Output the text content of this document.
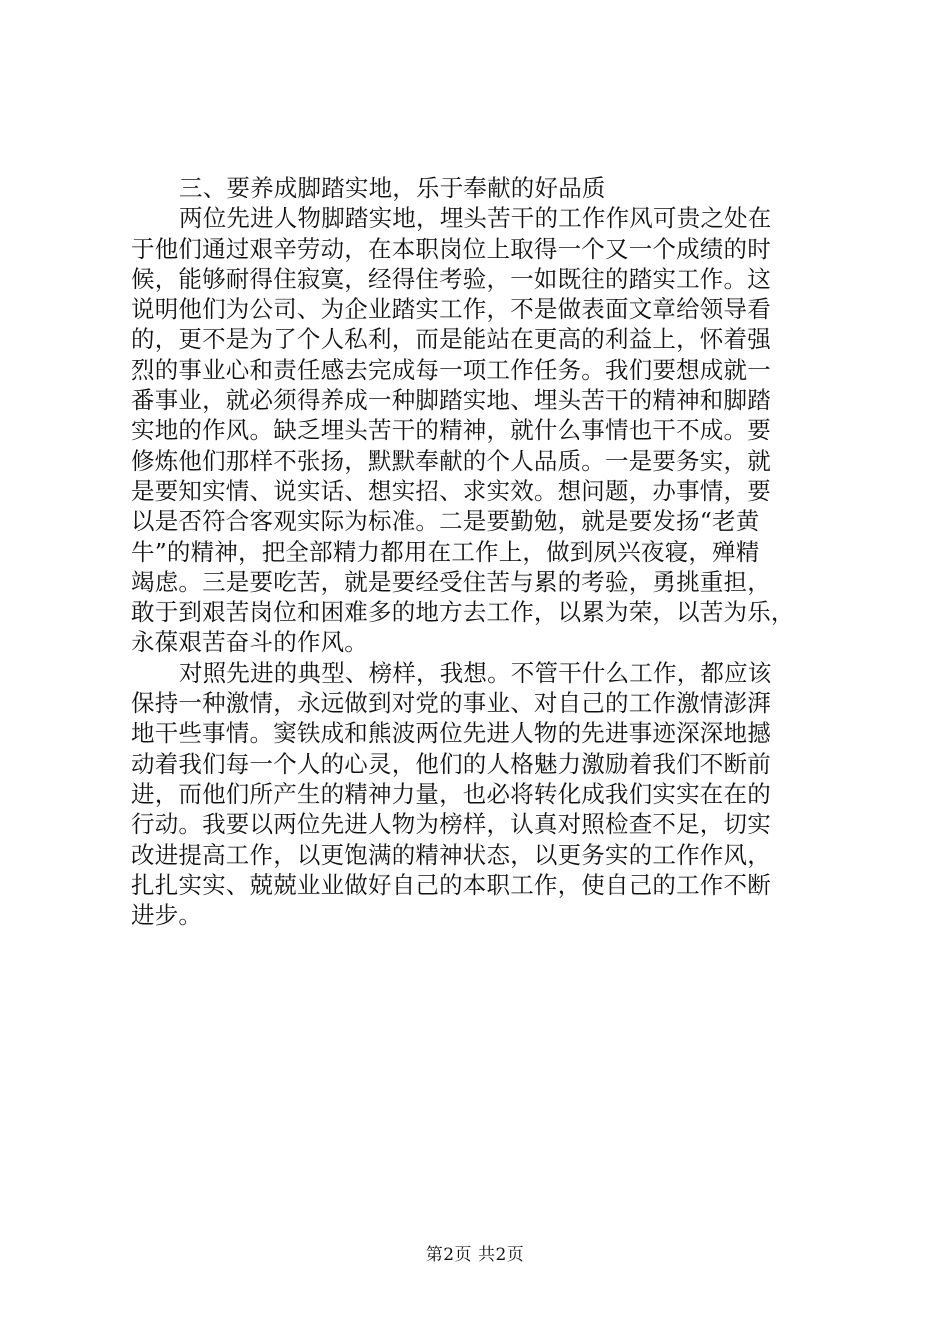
三、要养成脚踏实地，乐于奉献的好品质
两位先进人物脚踏实地，埋头苦干的工作作风可贵之处在
于他们通过艰辛劳动，在本职岗位上取得一个又一个成绩的时
候，能够耐得住寂寞，经得住考验，一如既往的踏实工作。这
说明他们为公司、为企业踏实工作，不是做表面文章给领导看
的，更不是为了个人私利，而是能站在更高的利益上，怀着强
烈的事业心和责任感去完成每一项工作任务。我们要想成就一
番事业，就必须得养成一种脚踏实地、埋头苦干的精神和脚踏
实地的作风。缺乏埋头苦干的精神，就什么事情也干不成。要
修炼他们那样不张扬，默默奉献的个人品质。一是要务实，就
是要知实情、说实话、想实招、求实效。想问题，办事情，要
以是否符合客观实际为标准。二是要勤勉，就是要发扬“老黄
牛”的精神，把全部精力都用在工作上，做到夙兴夜寝，殚精
竭虑。三是要吃苦，就是要经受住苦与累的考验，勇挑重担，
敢于到艰苦岗位和困难多的地方去工作，以累为荣，以苦为乐，
永葆艰苦奋斗的作风。
对照先进的典型、榜样，我想。不管干什么工作，都应该
保持一种激情，永远做到对党的事业、对自己的工作激情澎湃
地干些事情。窦铁成和熊波两位先进人物的先进事迹深深地撼
动着我们每一个人的心灵，他们的人格魅力激励着我们不断前
进，而他们所产生的精神力量，也必将转化成我们实实在在的
行动。我要以两位先进人物为榜样，认真对照检查不足，切实
改进提高工作，以更饱满的精神状态，以更务实的工作作风，
扎扎实实、兢兢业业做好自己的本职工作，使自己的工作不断
进步。
第2页 共2页
